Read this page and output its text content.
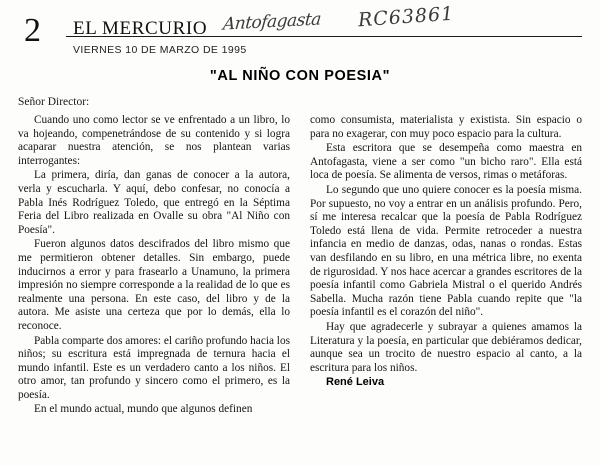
2 EL MERCURIO Antofagasta RC63861
VIERNES 10 DE MARZO DE 1995
"AL NIÑO CON POESIA"
Señor Director:

Cuando uno como lector se ve enfrentado a un libro, lo va hojeando, compenetrándose de su contenido y si logra acaparar nuestra atención, se nos plantean varias interrogantes:

La primera, diría, dan ganas de conocer a la autora, verla y escucharla. Y aquí, debo confesar, no conocía a Pabla Inés Rodríguez Toledo, que entregó en la Séptima Feria del Libro realizada en Ovalle su obra "Al Niño con Poesía".

Fueron algunos datos descifrados del libro mismo que me permitieron obtener detalles. Sin embargo, puede inducirnos a error y para frasearlo a Unamuno, la primera impresión no siempre corresponde a la realidad de lo que es realmente una persona. En este caso, del libro y de la autora. Me asiste una certeza que por lo demás, ella lo reconoce.

Pabla comparte dos amores: el cariño profundo hacia los niños; su escritura está impregnada de ternura hacia el mundo infantil. Este es un verdadero canto a los niños. El otro amor, tan profundo y sincero como el primero, es la poesía.

En el mundo actual, mundo que algunos definen

como consumista, materialista y existista. Sin espacio o para no exagerar, con muy poco espacio para la cultura.

Esta escritora que se desempeña como maestra en Antofagasta, viene a ser como "un bicho raro". Ella está loca de poesía. Se alimenta de versos, rimas o metáforas.

Lo segundo que uno quiere conocer es la poesía misma. Por supuesto, no voy a entrar en un análisis profundo. Pero, sí me interesa recalcar que la poesía de Pabla Rodríguez Toledo está llena de vida. Permite retroceder a nuestra infancia en medio de danzas, odas, nanas o rondas. Estas van desfilando en su libro, en una métrica libre, no exenta de rigurosidad. Y nos hace acercar a grandes escritores de la poesía infantil como Gabriela Mistral o el querido Andrés Sabella. Mucha razón tiene Pabla cuando repite que "la poesía infantil es el corazón del niño".

Hay que agradecerle y subrayar a quienes amamos la Literatura y la poesía, en particular que debiéramos dedicar, aunque sea un trocito de nuestro espacio al canto, a la escritura para los niños.

René Leiva
